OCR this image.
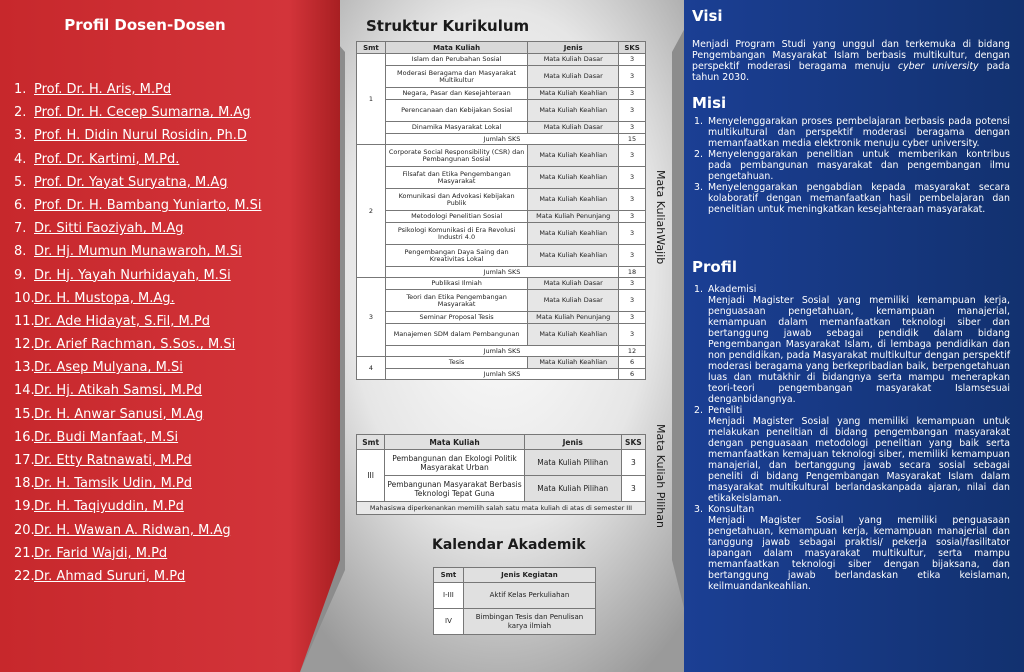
Profil Dosen-Dosen
1. Prof. Dr. H. Aris, M.Pd
2. Prof. Dr. H. Cecep Sumarna, M.Ag
3. Prof. H. Didin Nurul Rosidin, Ph.D
4. Prof. Dr. Kartimi, M.Pd.
5. Prof. Dr. Yayat Suryatna, M.Ag
6. Prof. Dr. H. Bambang Yuniarto, M.Si
7. Dr. Sitti Faoziyah, M.Ag
8. Dr. Hj. Mumun Munawaroh, M.Si
9. Dr. Hj. Yayah Nurhidayah, M.Si
10.Dr. H. Mustopa, M.Ag.
11.Dr. Ade Hidayat, S.Fil, M.Pd
12.Dr. Arief Rachman, S.Sos., M.Si
13.Dr. Asep Mulyana, M.Si
14.Dr. Hj. Atikah Samsi, M.Pd
15.Dr. H. Anwar Sanusi, M.Ag
16.Dr. Budi Manfaat, M.Si
17.Dr. Etty Ratnawati, M.Pd
18.Dr. H. Tamsik Udin, M.Pd
19.Dr. H. Taqiyuddin, M.Pd
20.Dr. H. Wawan A. Ridwan, M.Ag
21.Dr. Farid Wajdi, M.Pd
22.Dr. Ahmad Sururi, M.Pd
Struktur Kurikulum
Smt	Mata Kuliah	Jenis	SKS
1	Islam dan Perubahan Sosial	Mata Kuliah Dasar	3
	Moderasi Beragama dan Masyarakat Multikultur	Mata Kuliah Dasar	3
	Negara, Pasar dan Kesejahteraan	Mata Kuliah Keahlian	3
	Perencanaan dan Kebijakan Sosial	Mata Kuliah Keahlian	3
	Dinamika Masyarakat Lokal	Mata Kuliah Dasar	3
	Jumlah SKS		15
2	Corporate Social Responsibility (CSR) dan Pembangunan Sosial	Mata Kuliah Keahlian	3
	Filsafat dan Etika Pengembangan Masyarakat	Mata Kuliah Keahlian	3
	Komunikasi dan Advokasi Kebijakan Publik	Mata Kuliah Keahlian	3
	Metodologi Penelitian Sosial	Mata Kuliah Penunjang	3
	Psikologi Komunikasi di Era Revolusi Industri 4.0	Mata Kuliah Keahlian	3
	Pengembangan Daya Saing dan Kreativitas Lokal	Mata Kuliah Keahlian	3
	Jumlah SKS		18
3	Publikasi Ilmiah	Mata Kuliah Dasar	3
	Teori dan Etika Pengembangan Masyarakat	Mata Kuliah Dasar	3
	Seminar Proposal Tesis	Mata Kuliah Penunjang	3
	Manajemen SDM dalam Pembangunan	Mata Kuliah Keahlian	3
	Jumlah SKS		12
4	Tesis	Mata Kuliah Keahlian	6
	Jumlah SKS		6
Mata KuliahWajib
Mata Kuliah Pilihan
Smt	Mata Kuliah	Jenis	SKS
III	Pembangunan dan Ekologi Politik Masyarakat Urban	Mata Kuliah Pilihan	3
	Pembangunan Masyarakat Berbasis Teknologi Tepat Guna	Mata Kuliah Pilihan	3
Mahasiswa diperkenankan memilih salah satu mata kuliah di atas di semester III			
Kalendar Akademik
Smt	Jenis Kegiatan
I-III	Aktif Kelas Perkuliahan
IV	Bimbingan Tesis dan Penulisan karya ilmiah
Visi

Menjadi Program Studi yang unggul dan terkemuka di bidang Pengembangan Masyarakat Islam berbasis multikultur, dengan perspektif moderasi beragama menuju cyber university pada tahun 2030.

Misi
1. Menyelenggarakan proses pembelajaran berbasis pada potensi multikultural dan perspektif moderasi beragama dengan memanfaatkan media elektronik menuju cyber university.
2. Menyelenggarakan penelitian untuk memberikan kontribus pada pembangunan masyarakat dan pengembangan ilmu pengetahuan.
3. Menyelenggarakan pengabdian kepada masyarakat secara kolaboratif dengan memanfaatkan hasil pembelajaran dan penelitian untuk meningkatkan kesejahteraan masyarakat.
Profil
1. Akademisi
Menjadi Magister Sosial yang memiliki kemampuan kerja, penguasaan pengetahuan, kemampuan manajerial, kemampuan dalam memanfaatkan teknologi siber dan bertanggung jawab sebagai pendidik dalam bidang Pengembangan Masyarakat Islam, di lembaga pendidikan dan non pendidikan, pada Masyarakat multikultur dengan perspektif moderasi beragama yang berkepribadian baik, berpengetahuan luas dan mutakhir di bidangnya serta mampu menerapkan teori-teori pengembangan masyarakat Islamsesuai denganbidangnya.
2. Peneliti
Menjadi Magister Sosial yang memiliki kemampuan untuk melakukan penelitian di bidang pengembangan masyarakat dengan penguasaan metodologi penelitian yang baik serta memanfaatkan kemajuan teknologi siber, memiliki kemampuan manajerial, dan bertanggung jawab secara sosial sebagai peneliti di bidang Pengembangan Masyarakat Islam dalam masyarakat multikultural berlandaskanpada ajaran, nilai dan etikakeislaman.
3. Konsultan
Menjadi Magister Sosial yang memiliki penguasaan pengetahuan, kemampuan kerja, kemampuan manajerial dan tanggung jawab sebagai praktisi/ pekerja sosial/fasilitator lapangan dalam masyarakat multikultur, serta mampu memanfaatkan teknologi siber dengan bijaksana, dan bertanggung jawab berlandaskan etika keislaman, keilmuandankeahlian.
